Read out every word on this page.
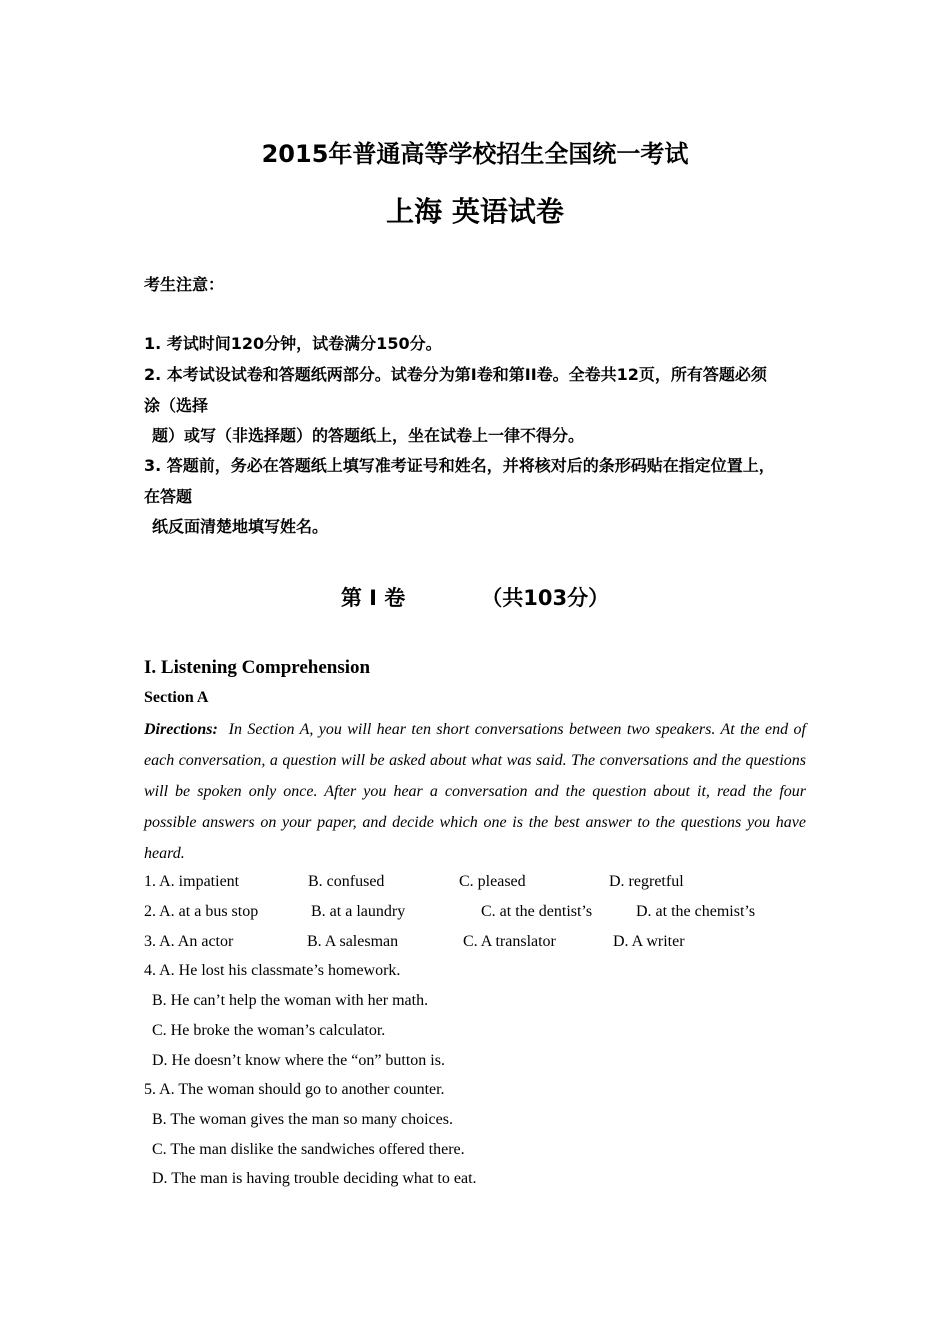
2015年普通高等学校招生全国统一考试
上海 英语试卷
考生注意：
1. 考试时间120分钟，试卷满分150分。
2. 本考试设试卷和答题纸两部分。试卷分为第I卷和第II卷。全卷共12页，所有答题必须
涂（选择
题）或写（非选择题）的答题纸上，坐在试卷上一律不得分。
3. 答题前，务必在答题纸上填写准考证号和姓名，并将核对后的条形码贴在指定位置上，
在答题
纸反面清楚地填写姓名。
第 I 卷	（共103分）
I. Listening Comprehension
Section A
Directions: In Section A, you will hear ten short conversations between two speakers. At the end of each conversation, a question will be asked about what was said. The conversations and the questions will be spoken only once. After you hear a conversation and the question about it, read the four possible answers on your paper, and decide which one is the best answer to the questions you have heard.
1. A. impatient	B. confused	C. pleased	D. regretful
2. A. at a bus stop	B. at a laundry	C. at the dentist’s	D. at the chemist’s
3. A. An actor	B. A salesman	C. A translator	D. A writer
4. A. He lost his classmate’s homework.
B. He can’t help the woman with her math.
C. He broke the woman’s calculator.
D. He doesn’t know where the “on” button is.
5. A. The woman should go to another counter.
B. The woman gives the man so many choices.
C. The man dislike the sandwiches offered there.
D. The man is having trouble deciding what to eat.
